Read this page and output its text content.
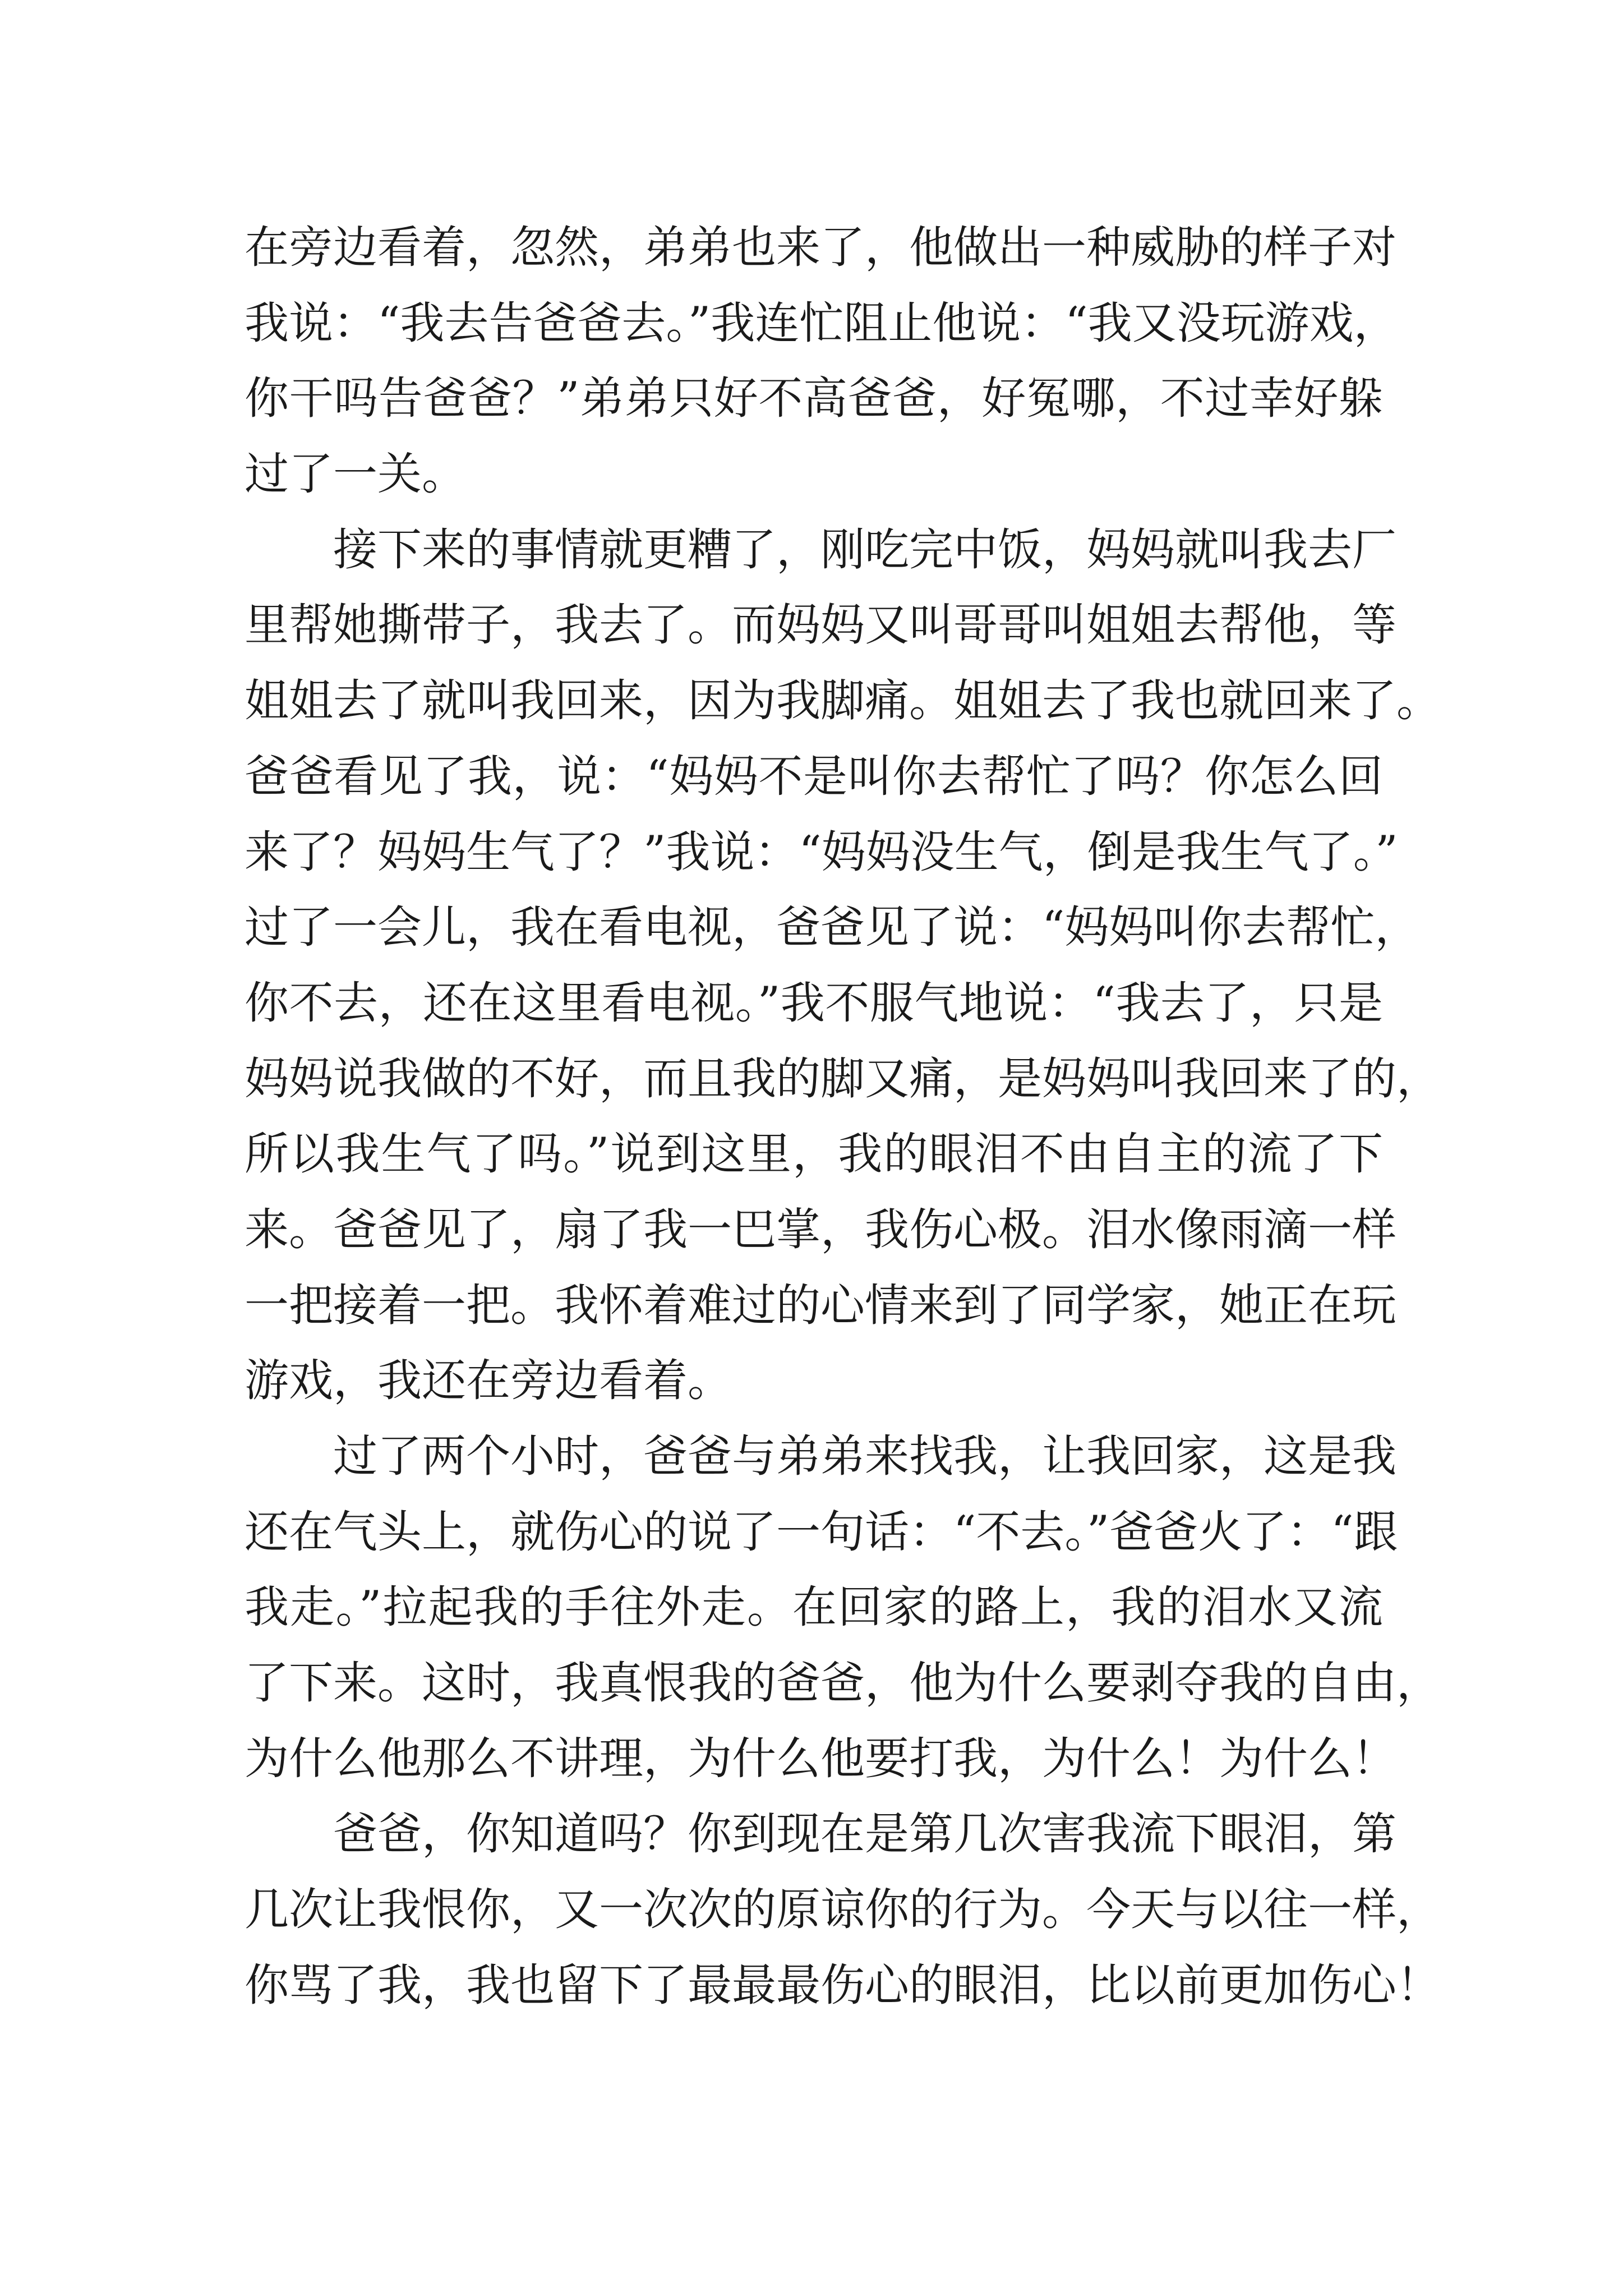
在旁边看着，忽然，弟弟也来了，他做出一种威胁的样子对
我说：“我去告爸爸去。”我连忙阻止他说：“我又没玩游戏，
你干吗告爸爸？”弟弟只好不高爸爸，好冤哪，不过幸好躲
过了一关。
接下来的事情就更糟了，刚吃完中饭，妈妈就叫我去厂
里帮她撕带子，我去了。而妈妈又叫哥哥叫姐姐去帮他，等
姐姐去了就叫我回来，因为我脚痛。姐姐去了我也就回来了。
爸爸看见了我，说：“妈妈不是叫你去帮忙了吗？你怎么回
来了？妈妈生气了？”我说：“妈妈没生气，倒是我生气了。”
过了一会儿，我在看电视，爸爸见了说：“妈妈叫你去帮忙，
你不去，还在这里看电视。”我不服气地说：“我去了，只是
妈妈说我做的不好，而且我的脚又痛，是妈妈叫我回来了的，
所以我生气了吗。”说到这里，我的眼泪不由自主的流了下
来。爸爸见了，扇了我一巴掌，我伤心极。泪水像雨滴一样
一把接着一把。我怀着难过的心情来到了同学家，她正在玩
游戏，我还在旁边看着。
过了两个小时，爸爸与弟弟来找我，让我回家，这是我
还在气头上，就伤心的说了一句话：“不去。”爸爸火了：“跟
我走。”拉起我的手往外走。在回家的路上，我的泪水又流
了下来。这时，我真恨我的爸爸，他为什么要剥夺我的自由，
为什么他那么不讲理，为什么他要打我，为什么！为什么！
爸爸，你知道吗？你到现在是第几次害我流下眼泪，第
几次让我恨你，又一次次的原谅你的行为。今天与以往一样，
你骂了我，我也留下了最最最伤心的眼泪，比以前更加伤心！
